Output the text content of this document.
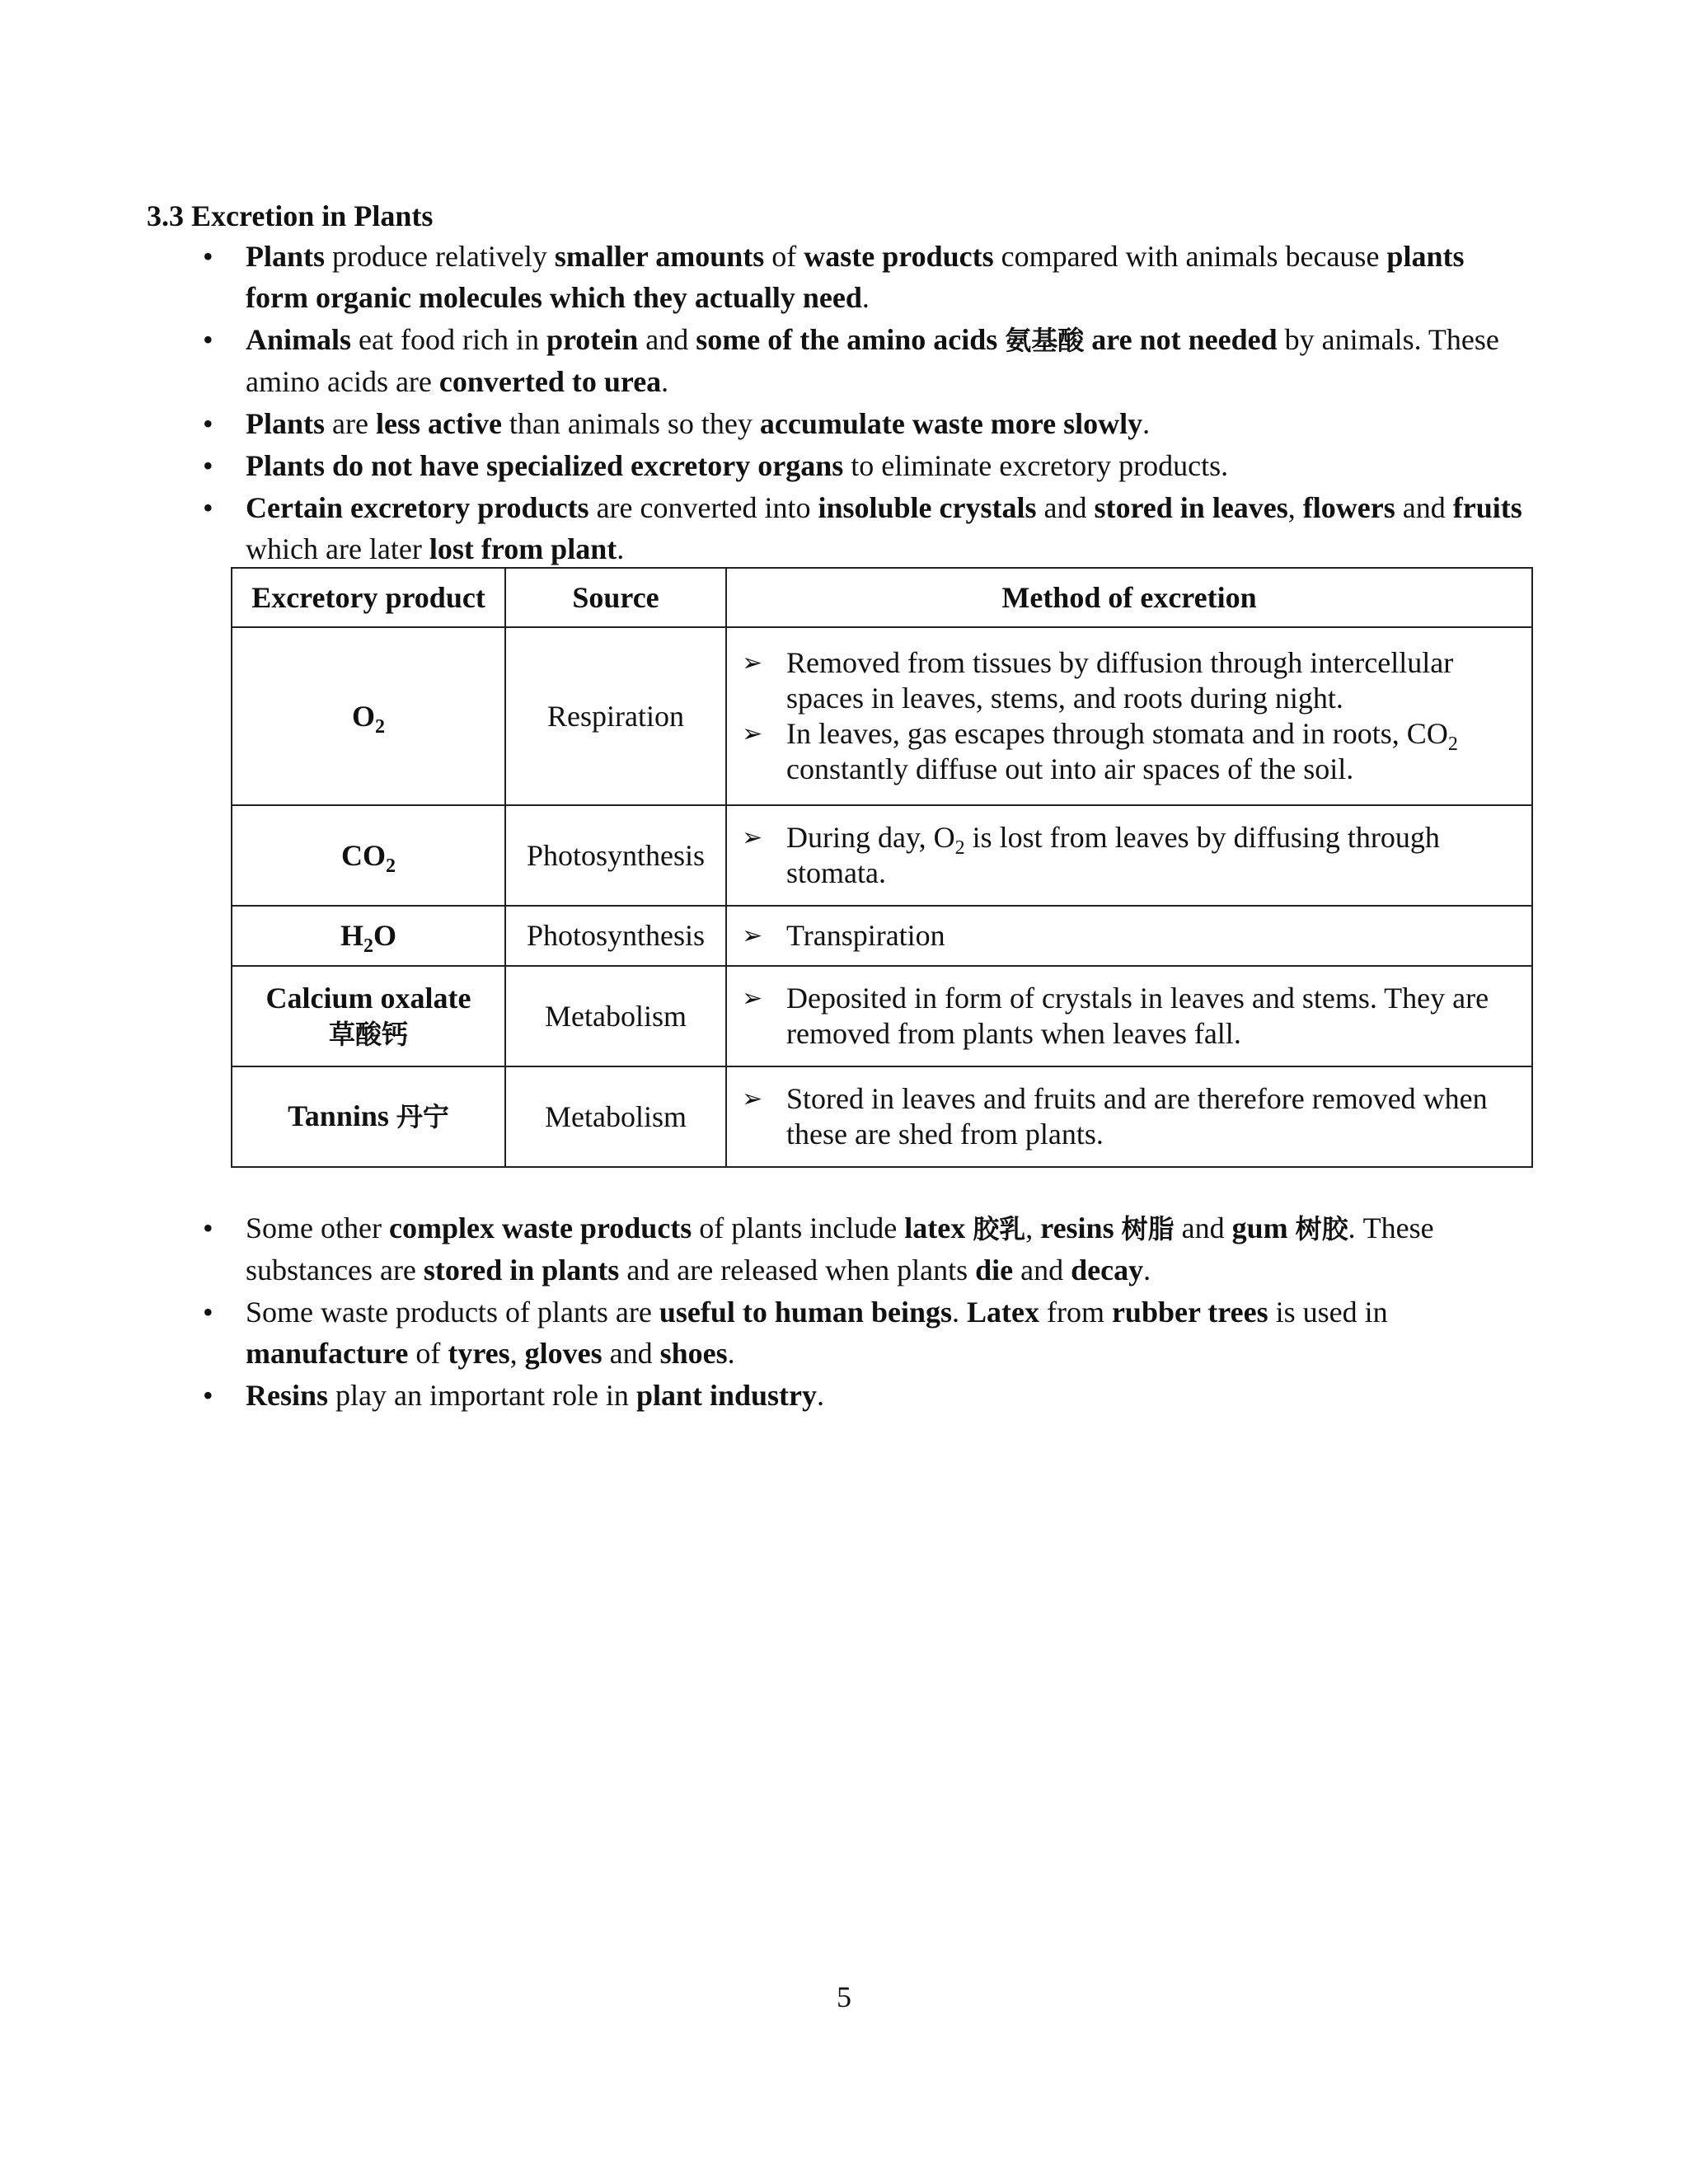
3.3 Excretion in Plants
• Plants produce relatively smaller amounts of waste products compared with animals because plants form organic molecules which they actually need.
• Animals eat food rich in protein and some of the amino acids 氨基酸 are not needed by animals. These amino acids are converted to urea.
• Plants are less active than animals so they accumulate waste more slowly.
• Plants do not have specialized excretory organs to eliminate excretory products.
• Certain excretory products are converted into insoluble crystals and stored in leaves, flowers and fruits which are later lost from plant.
Excretory product	Source	Method of excretion
$O_2$	Respiration	➢ Removed from tissues by diffusion through intercellular spaces in leaves, stems, and roots during night.
➢ In leaves, gas escapes through stomata and in roots, $CO_2$ constantly diffuse out into air spaces of the soil.

$CO_2$	Photosynthesis	➢ During day, $O_2$ is lost from leaves by diffusing through stomata.

$H_2O$	Photosynthesis	➢ Transpiration

Calcium oxalate
草酸钙	Metabolism	➢ Deposited in form of crystals in leaves and stems. They are removed from plants when leaves fall.

Tannins 丹宁	Metabolism	➢ Stored in leaves and fruits and are therefore removed when these are shed from plants.
• Some other complex waste products of plants include latex 胶乳, resins 树脂 and gum 树胶. These substances are stored in plants and are released when plants die and decay.
• Some waste products of plants are useful to human beings. Latex from rubber trees is used in manufacture of tyres, gloves and shoes.
• Resins play an important role in plant industry.
5
